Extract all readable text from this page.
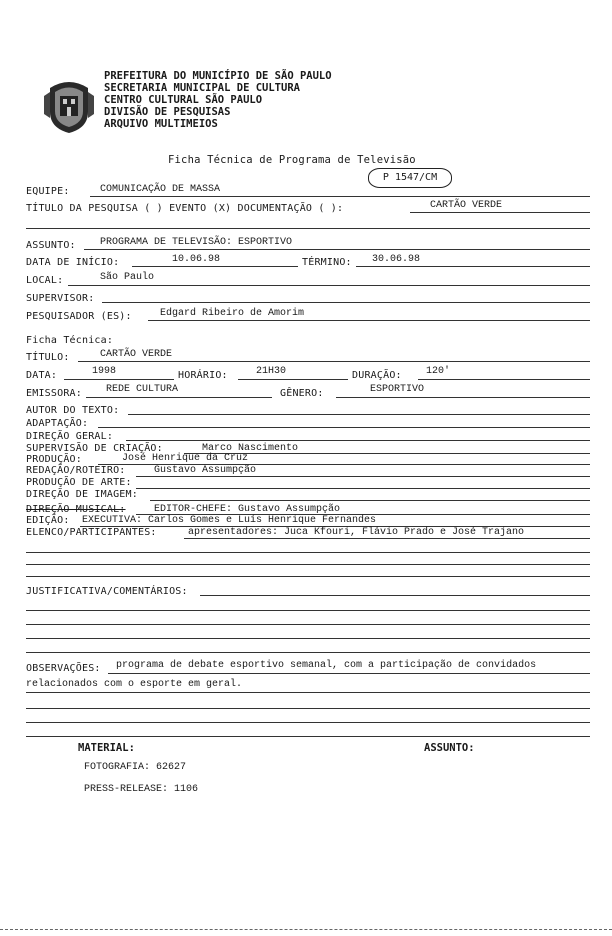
PREFEITURA DO MUNICÍPIO DE SÃO PAULO
SECRETARIA MUNICIPAL DE CULTURA
CENTRO CULTURAL SÃO PAULO
DIVISÃO DE PESQUISAS
ARQUIVO MULTIMEIOS
Ficha Técnica de Programa de Televisão
P 1547/CM
EQUIPE:	COMUNICAÇÃO DE MASSA
TÍTULO DA PESQUISA ( ) EVENTO (X) DOCUMENTAÇÃO ( ):	CARTÃO VERDE
ASSUNTO: PROGRAMA DE TELEVISÃO: ESPORTIVO
DATA DE INÍCIO:	10.06.98	TÉRMINO: 30.06.98
LOCAL:	São Paulo
SUPERVISOR:
PESQUISADOR (ES):	Edgard Ribeiro de Amorim
Ficha Técnica:
TÍTULO:	CARTÃO VERDE
DATA:	1998	HORÁRIO:	21H30	DURAÇÃO: 120'
EMISSORA: REDE CULTURA	GÊNERO:	ESPORTIVO
AUTOR DO TEXTO:
ADAPTAÇÃO:
DIREÇÃO GERAL:
SUPERVISÃO DE CRIAÇÃO:	Marco Nascimento
PRODUÇÃO:	José Henrique da Cruz
REDAÇÃO/ROTEIRO:	Gustavo Assumpção
PRODUÇÃO DE ARTE:
DIREÇÃO DE IMAGEM:
DIREÇÃO MUSICAL:	EDITOR-CHEFE: Gustavo Assumpção
EDIÇÃO: EXECUTIVA: Carlos Gomes e Luís Henrique Fernandes
ELENCO/PARTICIPANTES:	apresentadores: Juca Kfouri, Flávio Prado e José Trajano
JUSTIFICATIVA/COMENTÁRIOS:
OBSERVAÇÕES: programa de debate esportivo semanal, com a participação de convidados
relacionados com o esporte em geral.
MATERIAL:	ASSUNTO:
FOTOGRAFIA: 62627
PRESS-RELEASE: 1106
